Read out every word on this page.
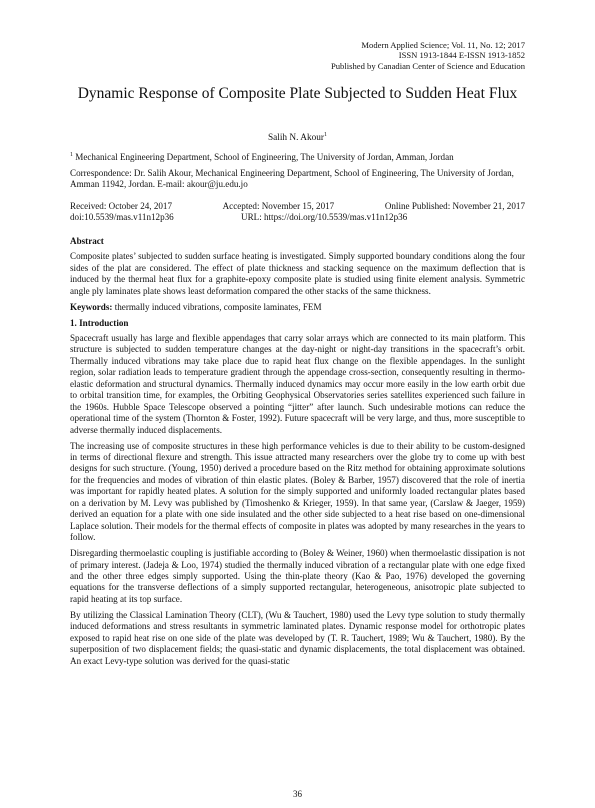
Modern Applied Science; Vol. 11, No. 12; 2017
ISSN 1913-1844 E-ISSN 1913-1852
Published by Canadian Center of Science and Education
Dynamic Response of Composite Plate Subjected to Sudden Heat Flux
Salih N. Akour$^1$

$^1$ Mechanical Engineering Department, School of Engineering, The University of Jordan, Amman, Jordan

Correspondence: Dr. Salih Akour, Mechanical Engineering Department, School of Engineering, The University of Jordan, Amman 11942, Jordan. E-mail: akour@ju.edu.jo

Received: October 24, 2017	Accepted: November 15, 2017	Online Published: November 21, 2017
doi:10.5539/mas.v11n12p36	URL: https://doi.org/10.5539/mas.v11n12p36
Abstract

Composite plates’ subjected to sudden surface heating is investigated. Simply supported boundary conditions along the four sides of the plat are considered. The effect of plate thickness and stacking sequence on the maximum deflection that is induced by the thermal heat flux for a graphite-epoxy composite plate is studied using finite element analysis. Symmetric angle ply laminates plate shows least deformation compared the other stacks of the same thickness.

Keywords: thermally induced vibrations, composite laminates, FEM

1. Introduction

Spacecraft usually has large and flexible appendages that carry solar arrays which are connected to its main platform. This structure is subjected to sudden temperature changes at the day-night or night-day transitions in the spacecraft’s orbit. Thermally induced vibrations may take place due to rapid heat flux change on the flexible appendages. In the sunlight region, solar radiation leads to temperature gradient through the appendage cross-section, consequently resulting in thermo-elastic deformation and structural dynamics. Thermally induced dynamics may occur more easily in the low earth orbit due to orbital transition time, for examples, the Orbiting Geophysical Observatories series satellites experienced such failure in the 1960s. Hubble Space Telescope observed a pointing “jitter” after launch. Such undesirable motions can reduce the operational time of the system (Thornton & Foster, 1992). Future spacecraft will be very large, and thus, more susceptible to adverse thermally induced displacements.

The increasing use of composite structures in these high performance vehicles is due to their ability to be custom-designed in terms of directional flexure and strength. This issue attracted many researchers over the globe try to come up with best designs for such structure. (Young, 1950) derived a procedure based on the Ritz method for obtaining approximate solutions for the frequencies and modes of vibration of thin elastic plates. (Boley & Barber, 1957) discovered that the role of inertia was important for rapidly heated plates. A solution for the simply supported and uniformly loaded rectangular plates based on a derivation by M. Levy was published by (Timoshenko & Krieger, 1959). In that same year, (Carslaw & Jaeger, 1959) derived an equation for a plate with one side insulated and the other side subjected to a heat rise based on one-dimensional Laplace solution. Their models for the thermal effects of composite in plates was adopted by many researches in the years to follow.

Disregarding thermoelastic coupling is justifiable according to (Boley & Weiner, 1960) when thermoelastic dissipation is not of primary interest. (Jadeja & Loo, 1974) studied the thermally induced vibration of a rectangular plate with one edge fixed and the other three edges simply supported. Using the thin-plate theory (Kao & Pao, 1976) developed the governing equations for the transverse deflections of a simply supported rectangular, heterogeneous, anisotropic plate subjected to rapid heating at its top surface.

By utilizing the Classical Lamination Theory (CLT), (Wu & Tauchert, 1980) used the Levy type solution to study thermally induced deformations and stress resultants in symmetric laminated plates. Dynamic response model for orthotropic plates exposed to rapid heat rise on one side of the plate was developed by (T. R. Tauchert, 1989; Wu & Tauchert, 1980). By the superposition of two displacement fields; the quasi-static and dynamic displacements, the total displacement was obtained. An exact Levy-type solution was derived for the quasi-static

36
